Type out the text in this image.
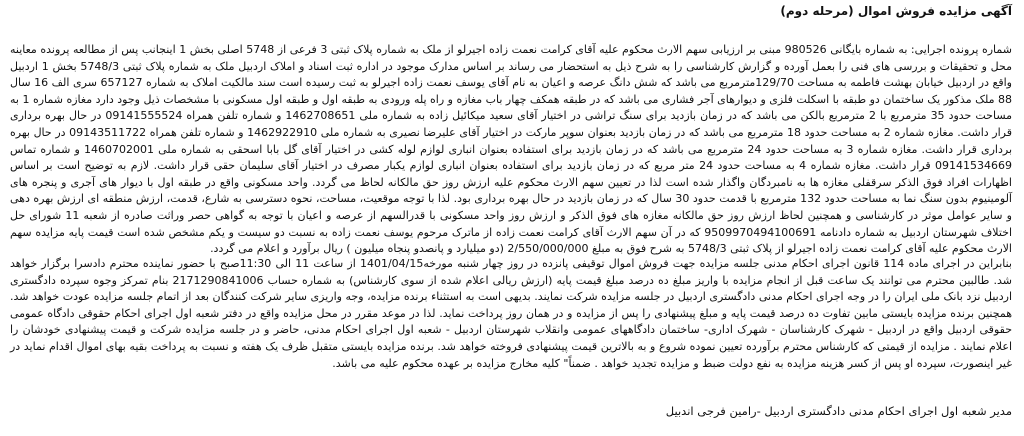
آگهی مزایده فروش اموال (مرحله دوم)
شماره پرونده اجرایی: به شماره بایگانی 980526 مبنی بر ارزیابی سهم الارث محکوم علیه آقای کرامت نعمت زاده اجیرلو از ملک به شماره پلاک ثبتی 3 فرعی از 5748 اصلی بخش 1 اینجانب پس از مطالعه پرونده معاینه محل و تحقیقات و بررسی های فنی را بعمل آورده و گزارش کارشناسی را به شرح ذیل به استحضار می رساند بر اساس مدارک موجود در اداره ثبت اسناد و املاک اردبیل ملک به شماره پلاک ثبتی 5748/3 بخش 1 اردبیل واقع در اردبیل خیابان بهشت فاطمه به مساحت 129/70مترمربع می باشد که شش دانگ عرصه و اعیان به نام آقای یوسف نعمت زاده اجیرلو به ثبت رسیده است سند مالکیت املاک به شماره 657127 سری الف 16 سال 88 ملک مذکور یک ساختمان دو طبقه با اسکلت فلزی و دیوارهای آجر فشاری می باشد که در طبقه همکف چهار باب مغازه و راه پله ورودی به طبقه اول و طبقه اول مسکونی با مشخصات ذیل وجود دارد مغازه شماره 1 به مساحت حدود 35 مترمربع با 2 مترمربع بالکن می باشد که در زمان بازدید برای سنگ تراشی در اختیار آقای سعید میکائیل زاده به شماره ملی 1462708651 و شماره تلفن همراه 09141555524 در حال بهره برداری قرار داشت. مغازه شماره 2 به مساحت حدود 18 مترمربع می باشد که در زمان بازدید بعنوان سوپر مارکت در اختیار آقای علیرضا نصیری به شماره ملی 1462922910 و شماره تلفن همراه 09143511722 در حال بهره برداری قرار داشت. مغازه شماره 3 به مساحت حدود 24 مترمربع می باشد که در زمان بازدید برای استفاده بعنوان انباری لوازم لوله کشی در اختیار آقای گل بابا اسحقی به شماره ملی 1460702001 و شماره تماس 09141534669 قرار داشت. مغازه شماره 4 به مساحت حدود 24 متر مربع که در زمان بازدید برای استفاده بعنوان انباری لوازم یکبار مصرف در اختیار آقای سلیمان حقی قرار داشت. لازم به توضیح است بر اساس اظهارات افراد فوق الذکر سرقفلی مغازه ها به نامبردگان واگذار شده است لذا در تعیین سهم الارث محکوم علیه ارزش روز حق مالکانه لحاظ می گردد. واحد مسکونی واقع در طبقه اول با دیوار های آجری و پنجره های آلومینیوم بدون سنگ نما به مساحت حدود 132 مترمربع با قدمت حدود 30 سال که در زمان بازدید در حال بهره برداری بود. لذا با توجه موقعیت، مساحت، نحوه دسترسی به شارع، قدمت، ارزش منطقه ای ارزش بهره دهی و سایر عوامل موثر در کارشناسی و همچنین لحاظ ارزش روز حق مالکانه مغازه های فوق الذکر و ارزش روز واحد مسکونی با قدرالسهم از عرصه و اعیان با توجه به گواهی حصر وراثت صادره از شعبه 11 شورای حل اختلاف شهرستان اردبیل به شماره دادنامه 9509970494100691 که در آن سهم الارث آقای کرامت نعمت زاده از ماترک مرحوم یوسف نعمت زاده به نسبت دو سیست و یکم مشخص شده است قیمت پایه مزایده سهم الارث محکوم علیه آقای کرامت نعمت زاده اجیرلو از پلاک ثبتی 5748/3 به شرح فوق به مبلغ 2/550/000/000 (دو میلیارد و پانصدو پنجاه میلیون ) ریال برآورد و اعلام می گردد.
بنابراین در اجرای ماده 114 قانون اجرای احکام مدنی جلسه مزایده جهت فروش اموال توقیفی پانزده در روز چهار شنبه مورخه1401/04/15 از ساعت 11 الی 11:30صبح با حضور نماینده محترم دادسرا برگزار خواهد شد. طالبین محترم می توانند یک ساعت قبل از انجام مزایده با واریز مبلغ ده درصد مبلغ قیمت پایه (ارزش ریالی اعلام شده از سوی کارشناس) به شماره حساب 2171290841006 بنام تمرکز وجوه سپرده دادگستری اردبیل نزد بانک ملی ایران را در وجه اجرای احکام مدنی دادگستری اردبیل در جلسه مزایده شرکت نمایند. بدیهی است به استثناء برنده مزایده، وجه واریزی سایر شرکت کنندگان بعد از اتمام جلسه مزایده عودت خواهد شد. همچنین برنده مزایده بایستی مابین تفاوت ده درصد قیمت پایه و مبلغ پیشنهادی را پس از مزایده و در همان روز پرداخت نماید. لذا در موعد مقرر در محل مزایده واقع در دفتر شعبه اول اجرای احکام حقوقی دادگاه عمومی حقوقی اردبیل واقع در اردبیل - شهرک کارشناسان - شهرک اداری- ساختمان دادگاههای عمومی وانقلاب شهرستان اردبیل - شعبه اول اجرای احکام مدنی، حاضر و در جلسه مزایده شرکت و قیمت پیشنهادی خودشان را اعلام نمایند . مزایده از قیمتی که کارشناس محترم برآورده تعیین نموده شروع و به بالاترین قیمت پیشنهادی فروخته خواهد شد. برنده مزایده بایستی متقبل ظرف یک هفته و نسبت به پرداخت بقیه بهای اموال اقدام نماید در غیر اینصورت، سپرده او پس از کسر هزینه مزایده به نفع دولت ضبط و مزایده تجدید خواهد . ضمناً" کلیه مخارج مزایده بر عهده محکوم علیه می باشد.
مدیر شعبه اول اجرای احکام مدنی دادگستری اردبیل -رامین فرجی اندبیل
